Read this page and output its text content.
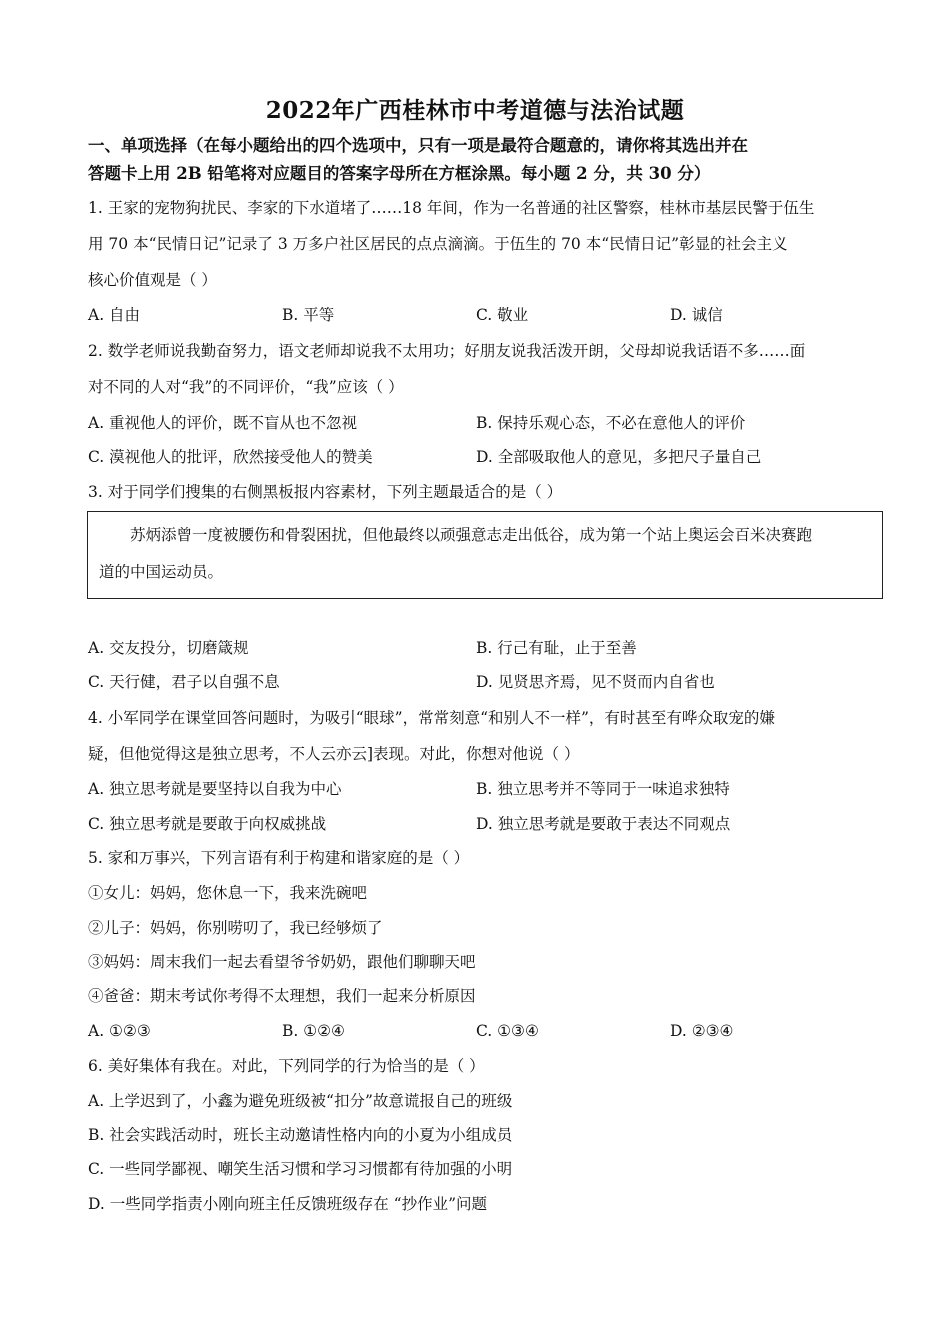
2022年广西桂林市中考道德与法治试题
一、单项选择（在每小题给出的四个选项中，只有一项是最符合题意的，请你将其选出并在
答题卡上用 2B 铅笔将对应题目的答案字母所在方框涂黑。每小题 2 分，共 30 分）
1. 王家的宠物狗扰民、李家的下水道堵了……18 年间，作为一名普通的社区警察，桂林市基层民警于伍生
用 70 本“民情日记”记录了 3 万多户社区居民的点点滴滴。于伍生的 70 本“民情日记”彰显的社会主义
核心价值观是（ ）
A. 自由	B. 平等	C. 敬业	D. 诚信
2. 数学老师说我勤奋努力，语文老师却说我不太用功；好朋友说我活泼开朗，父母却说我话语不多……面
对不同的人对“我”的不同评价，“我”应该（ ）
A. 重视他人的评价，既不盲从也不忽视	B. 保持乐观心态，不必在意他人的评价
C. 漠视他人的批评，欣然接受他人的赞美	D. 全部吸取他人的意见，多把尺子量自己
3. 对于同学们搜集的右侧黑板报内容素材，下列主题最适合的是（ ）
苏炳添曾一度被腰伤和骨裂困扰，但他最终以顽强意志走出低谷，成为第一个站上奥运会百米决赛跑
道的中国运动员。
A. 交友投分，切磨箴规	B. 行己有耻，止于至善
C. 天行健，君子以自强不息	D. 见贤思齐焉，见不贤而内自省也
4. 小军同学在课堂回答问题时，为吸引“眼球”，常常刻意“和别人不一样”，有时甚至有哗众取宠的嫌
疑，但他觉得这是独立思考，不人云亦云]表现。对此，你想对他说（ ）
A. 独立思考就是要坚持以自我为中心	B. 独立思考并不等同于一味追求独特
C. 独立思考就是要敢于向权威挑战	D. 独立思考就是要敢于表达不同观点
5. 家和万事兴，下列言语有利于构建和谐家庭的是（ ）
①女儿：妈妈，您休息一下，我来洗碗吧
②儿子：妈妈，你别唠叨了，我已经够烦了
③妈妈：周末我们一起去看望爷爷奶奶，跟他们聊聊天吧
④爸爸：期末考试你考得不太理想，我们一起来分析原因
A. ①②③	B. ①②④	C. ①③④	D. ②③④
6. 美好集体有我在。对此，下列同学的行为恰当的是（ ）
A. 上学迟到了，小鑫为避免班级被“扣分”故意谎报自己的班级
B. 社会实践活动时，班长主动邀请性格内向的小夏为小组成员
C. 一些同学鄙视、嘲笑生活习惯和学习习惯都有待加强的小明
D. 一些同学指责小刚向班主任反馈班级存在 “抄作业”问题
